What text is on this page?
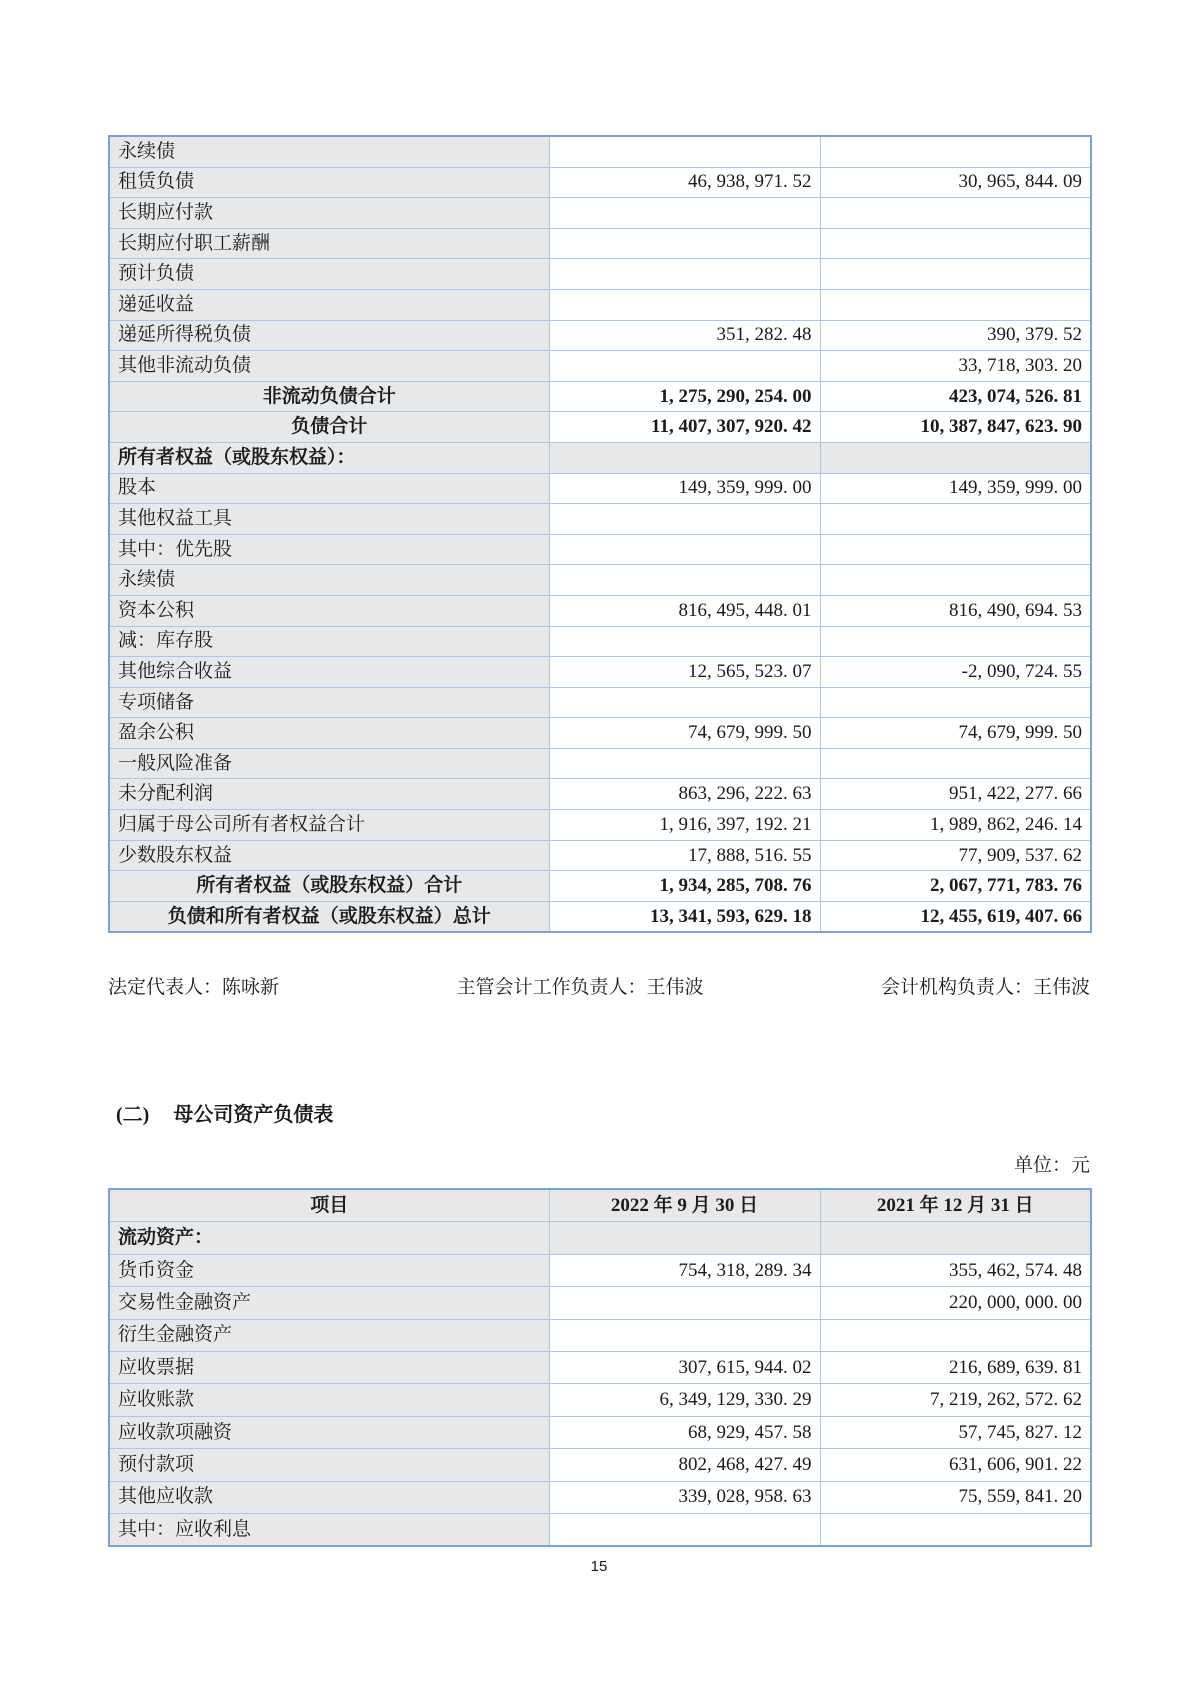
永续债		
租赁负债	46, 938, 971. 52	30, 965, 844. 09
长期应付款		
长期应付职工薪酬		
预计负债		
递延收益		
递延所得税负债	351, 282. 48	390, 379. 52
其他非流动负债		33, 718, 303. 20
非流动负债合计	1, 275, 290, 254. 00	423, 074, 526. 81
负债合计	11, 407, 307, 920. 42	10, 387, 847, 623. 90
所有者权益（或股东权益）：		
股本	149, 359, 999. 00	149, 359, 999. 00
其他权益工具		
其中：优先股		
永续债		
资本公积	816, 495, 448. 01	816, 490, 694. 53
减：库存股		
其他综合收益	12, 565, 523. 07	-2, 090, 724. 55
专项储备		
盈余公积	74, 679, 999. 50	74, 679, 999. 50
一般风险准备		
未分配利润	863, 296, 222. 63	951, 422, 277. 66
归属于母公司所有者权益合计	1, 916, 397, 192. 21	1, 989, 862, 246. 14
少数股东权益	17, 888, 516. 55	77, 909, 537. 62
所有者权益（或股东权益）合计	1, 934, 285, 708. 76	2, 067, 771, 783. 76
负债和所有者权益（或股东权益）总计	13, 341, 593, 629. 18	12, 455, 619, 407. 66
法定代表人：陈咏新	主管会计工作负责人：王伟波	会计机构负责人：王伟波
(二) 母公司资产负债表
单位：元
项目	2022 年 9 月 30 日	2021 年 12 月 31 日
流动资产：		
货币资金	754, 318, 289. 34	355, 462, 574. 48
交易性金融资产		220, 000, 000. 00
衍生金融资产		
应收票据	307, 615, 944. 02	216, 689, 639. 81
应收账款	6, 349, 129, 330. 29	7, 219, 262, 572. 62
应收款项融资	68, 929, 457. 58	57, 745, 827. 12
预付款项	802, 468, 427. 49	631, 606, 901. 22
其他应收款	339, 028, 958. 63	75, 559, 841. 20
其中：应收利息		
15
